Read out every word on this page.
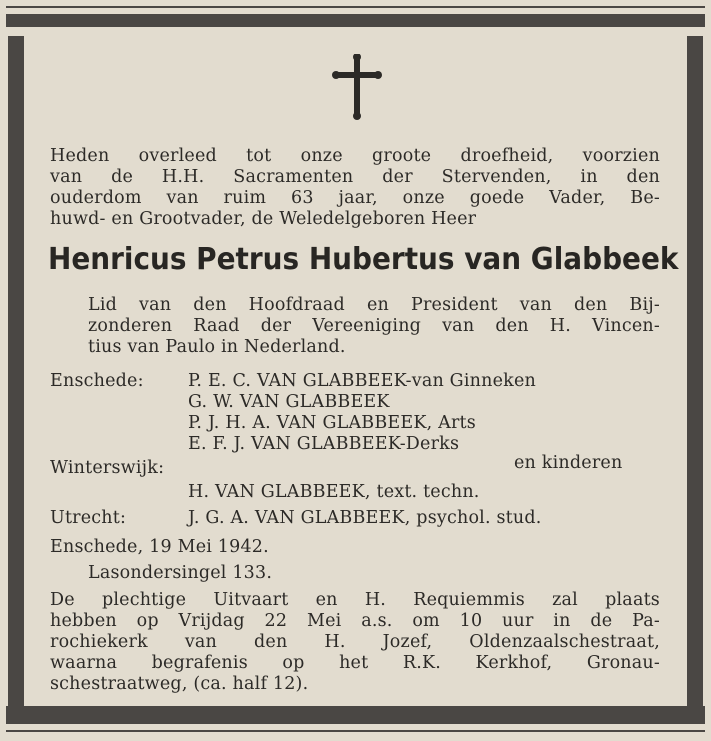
Heden overleed tot onze groote droefheid, voorzien
van de H.H. Sacramenten der Stervenden, in den
ouderdom van ruim 63 jaar, onze goede Vader, Be-
huwd- en Grootvader, de Weledelgeboren Heer
Henricus Petrus Hubertus van Glabbeek
Lid van den Hoofdraad en President van den Bij-
zonderen Raad der Vereeniging van den H. Vincen-
tius van Paulo in Nederland.
Enschede:	P. E. C. VAN GLABBEEK-van Ginneken
G. W. VAN GLABBEEK
P. J. H. A. VAN GLABBEEK, Arts
E. F. J. VAN GLABBEEK-Derks
Winterswijk:	en kinderen
H. VAN GLABBEEK, text. techn.
Utrecht:	J. G. A. VAN GLABBEEK, psychol. stud.
Enschede, 19 Mei 1942.
Lasondersingel 133.
De plechtige Uitvaart en H. Requiemmis zal plaats
hebben op Vrijdag 22 Mei a.s. om 10 uur in de Pa-
rochiekerk van den H. Jozef, Oldenzaalschestraat,
waarna begrafenis op het R.K. Kerkhof, Gronau-
schestraatweg, (ca. half 12).
